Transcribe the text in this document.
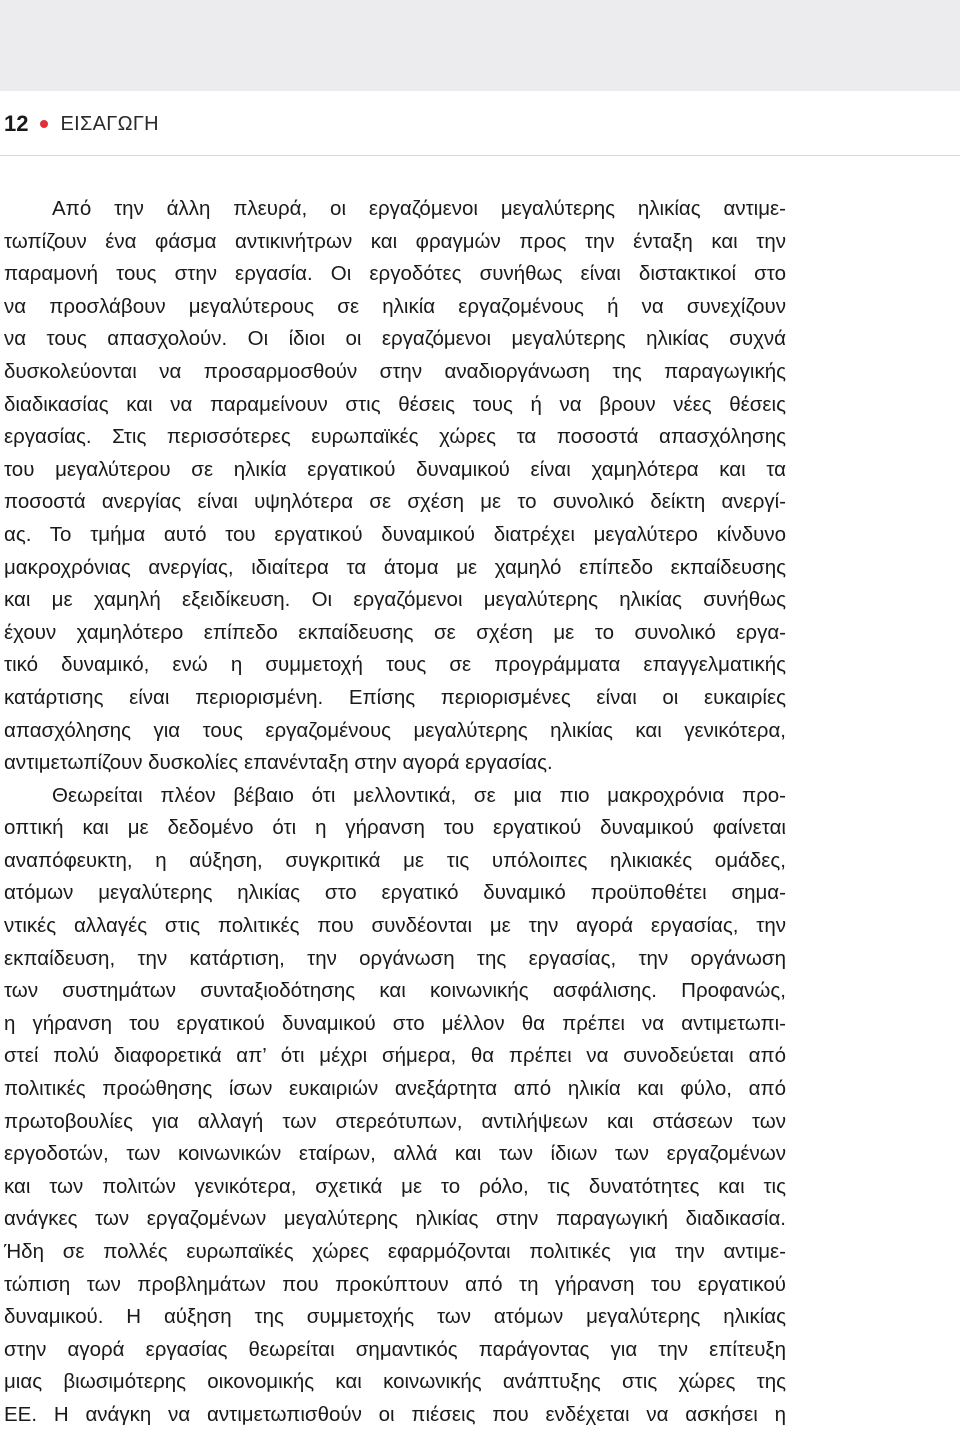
12 ΕΙΣΑΓΩΓΗ
Από την άλλη πλευρά, οι εργαζόμενοι μεγαλύτερης ηλικίας αντιμε-
τωπίζουν ένα φάσμα αντικινήτρων και φραγμών προς την ένταξη και την
παραμονή τους στην εργασία. Οι εργοδότες συνήθως είναι διστακτικοί στο
να προσλάβουν μεγαλύτερους σε ηλικία εργαζομένους ή να συνεχίζουν
να τους απασχολούν. Οι ίδιοι οι εργαζόμενοι μεγαλύτερης ηλικίας συχνά
δυσκολεύονται να προσαρμοσθούν στην αναδιοργάνωση της παραγωγικής
διαδικασίας και να παραμείνουν στις θέσεις τους ή να βρουν νέες θέσεις
εργασίας. Στις περισσότερες ευρωπαϊκές χώρες τα ποσοστά απασχόλησης
του μεγαλύτερου σε ηλικία εργατικού δυναμικού είναι χαμηλότερα και τα
ποσοστά ανεργίας είναι υψηλότερα σε σχέση με το συνολικό δείκτη ανεργί-
ας. Το τμήμα αυτό του εργατικού δυναμικού διατρέχει μεγαλύτερο κίνδυνο
μακροχρόνιας ανεργίας, ιδιαίτερα τα άτομα με χαμηλό επίπεδο εκπαίδευσης
και με χαμηλή εξειδίκευση. Οι εργαζόμενοι μεγαλύτερης ηλικίας συνήθως
έχουν χαμηλότερο επίπεδο εκπαίδευσης σε σχέση με το συνολικό εργα-
τικό δυναμικό, ενώ η συμμετοχή τους σε προγράμματα επαγγελματικής
κατάρτισης είναι περιορισμένη. Επίσης περιορισμένες είναι οι ευκαιρίες
απασχόλησης για τους εργαζομένους μεγαλύτερης ηλικίας και γενικότερα,
αντιμετωπίζουν δυσκολίες επανένταξη στην αγορά εργασίας.
Θεωρείται πλέον βέβαιο ότι μελλοντικά, σε μια πιο μακροχρόνια προ-
οπτική και με δεδομένο ότι η γήρανση του εργατικού δυναμικού φαίνεται
αναπόφευκτη, η αύξηση, συγκριτικά με τις υπόλοιπες ηλικιακές ομάδες,
ατόμων μεγαλύτερης ηλικίας στο εργατικό δυναμικό προϋποθέτει σημα-
ντικές αλλαγές στις πολιτικές που συνδέονται με την αγορά εργασίας, την
εκπαίδευση, την κατάρτιση, την οργάνωση της εργασίας, την οργάνωση
των συστημάτων συνταξιοδότησης και κοινωνικής ασφάλισης. Προφανώς,
η γήρανση του εργατικού δυναμικού στο μέλλον θα πρέπει να αντιμετωπι-
στεί πολύ διαφορετικά απ’ ότι μέχρι σήμερα, θα πρέπει να συνοδεύεται από
πολιτικές προώθησης ίσων ευκαιριών ανεξάρτητα από ηλικία και φύλο, από
πρωτοβουλίες για αλλαγή των στερεότυπων, αντιλήψεων και στάσεων των
εργοδοτών, των κοινωνικών εταίρων, αλλά και των ίδιων των εργαζομένων
και των πολιτών γενικότερα, σχετικά με το ρόλο, τις δυνατότητες και τις
ανάγκες των εργαζομένων μεγαλύτερης ηλικίας στην παραγωγική διαδικασία.
Ήδη σε πολλές ευρωπαϊκές χώρες εφαρμόζονται πολιτικές για την αντιμε-
τώπιση των προβλημάτων που προκύπτουν από τη γήρανση του εργατικού
δυναμικού. Η αύξηση της συμμετοχής των ατόμων μεγαλύτερης ηλικίας
στην αγορά εργασίας θεωρείται σημαντικός παράγοντας για την επίτευξη
μιας βιωσιμότερης οικονομικής και κοινωνικής ανάπτυξης στις χώρες της
ΕΕ. Η ανάγκη να αντιμετωπισθούν οι πιέσεις που ενδέχεται να ασκήσει η
